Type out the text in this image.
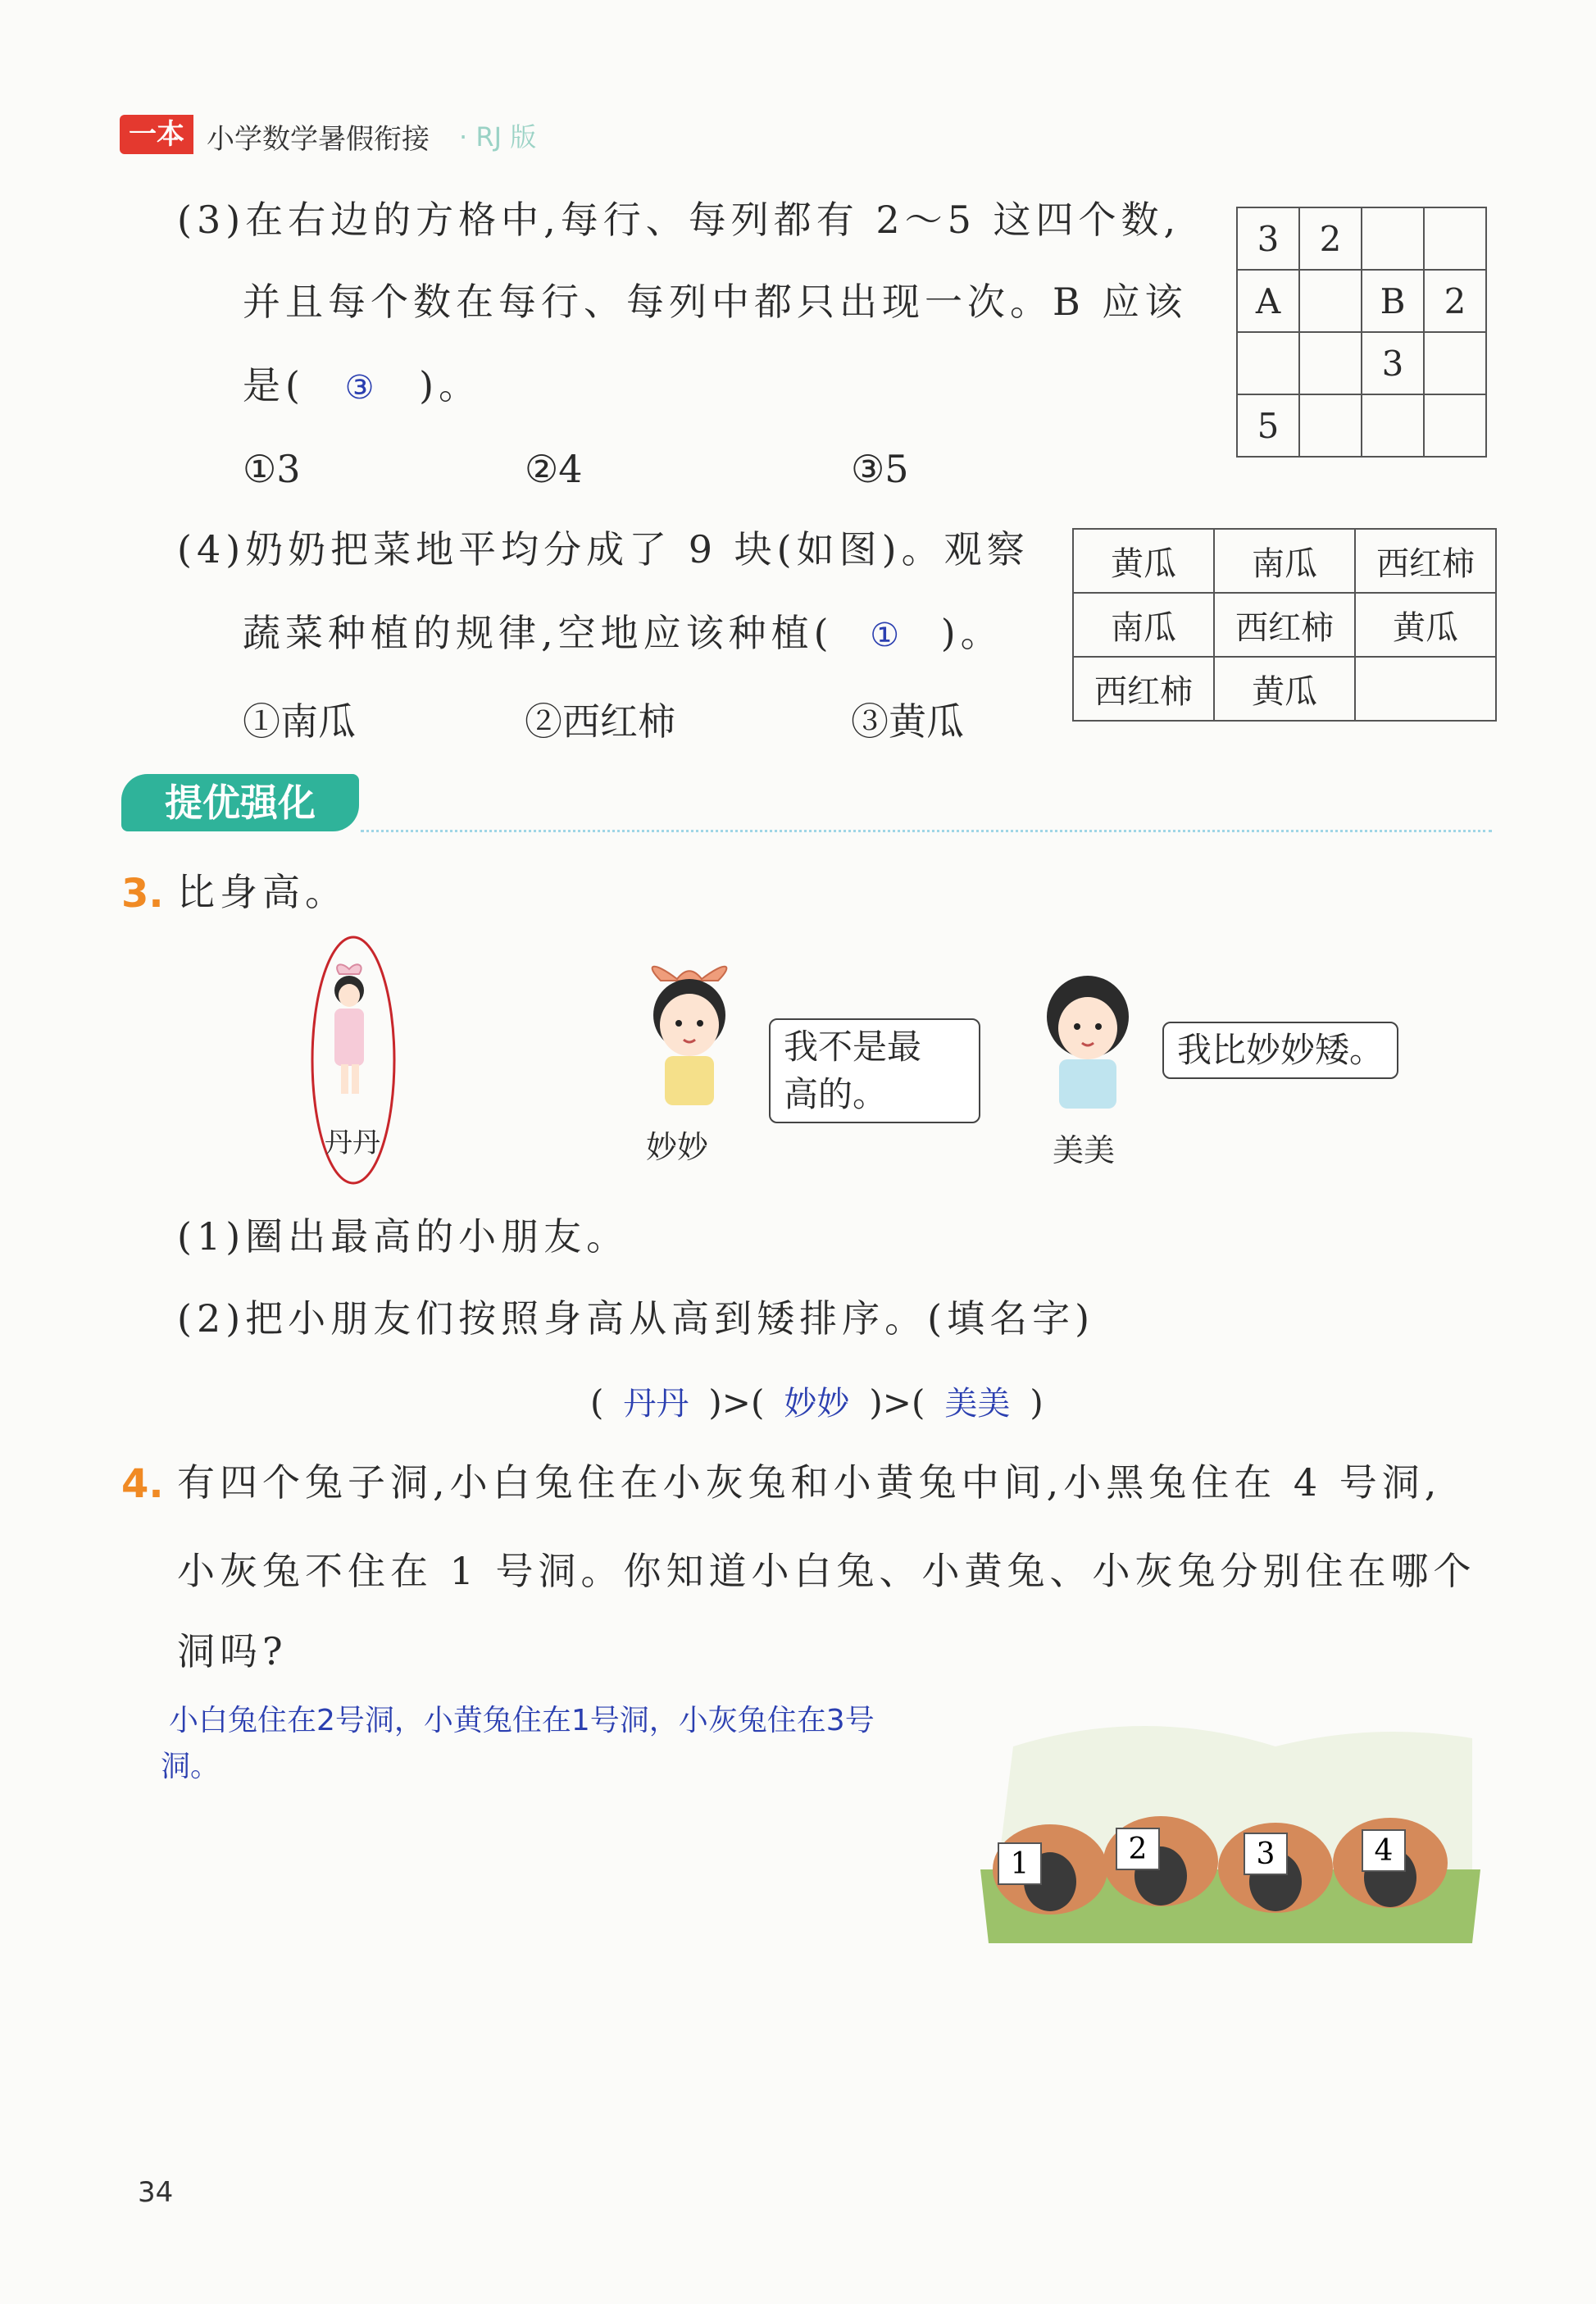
一本 小学数学暑假衔接 · RJ 版
(3)在右边的方格中,每行、每列都有 2～5 这四个数,
并且每个数在每行、每列中都只出现一次。B 应该
是( ③ )。
①3	②4	③5
3	2		
A		B	2
		3	
5			
(4)奶奶把菜地平均分成了 9 块(如图)。观察
蔬菜种植的规律,空地应该种植( ① )。
①南瓜	②西红柿	③黄瓜
黄瓜	南瓜	西红柿
南瓜	西红柿	黄瓜
西红柿	黄瓜	
提优强化
3. 比身高。
丹丹	妙妙
我不是最
高的。
美美
我比妙妙矮。
(1)圈出最高的小朋友。
(2)把小朋友们按照身高从高到矮排序。(填名字)
( 丹丹 )>( 妙妙 )>( 美美 )
4. 有四个兔子洞,小白兔住在小灰兔和小黄兔中间,小黑兔住在 4 号洞,
小灰兔不住在 1 号洞。你知道小白兔、小黄兔、小灰兔分别住在哪个
洞吗?
小白兔住在2号洞，小黄兔住在1号洞，小灰兔住在3号
洞。
1	2	3	4
34
